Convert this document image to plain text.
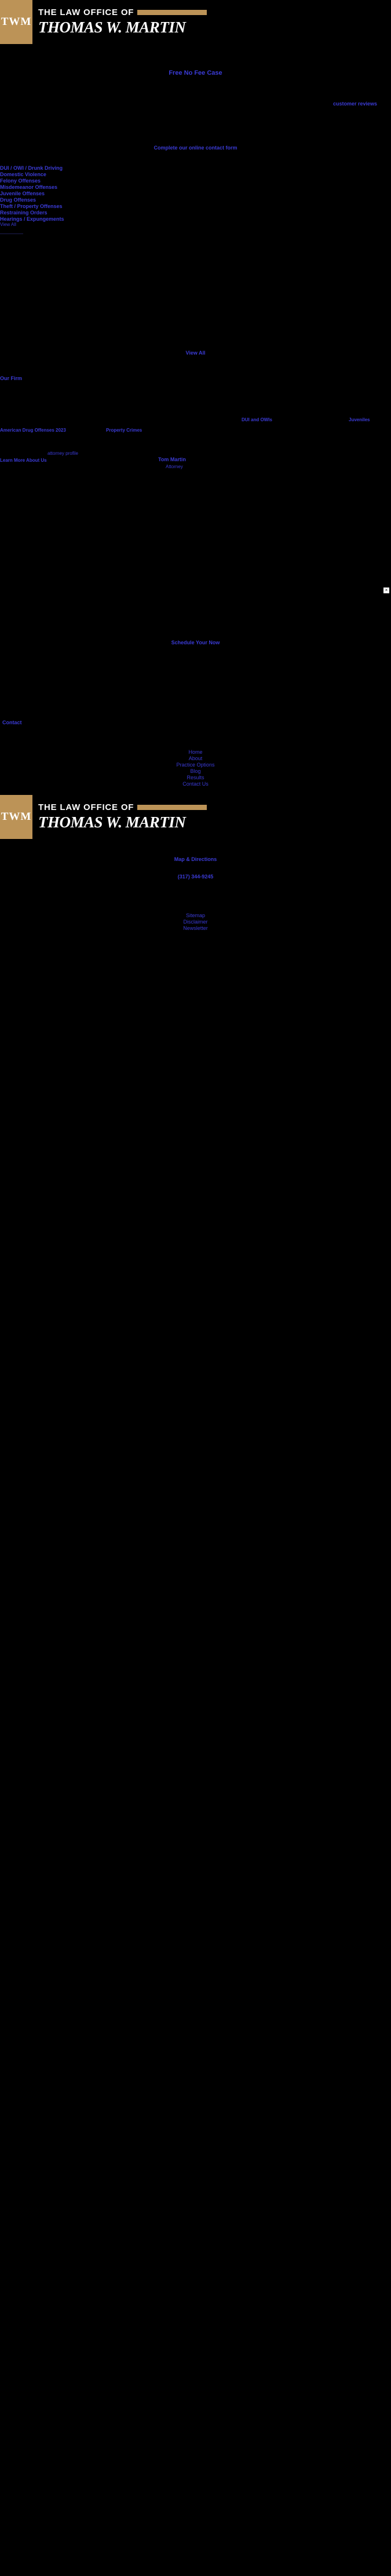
TWM
THE LAW OFFICE OF
THOMAS W. MARTIN
Free No Fee Case
customer reviews
Complete our online contact form
DUI / OWI / Drunk Driving
Domestic Violence
Felony Offenses
Misdemeanor Offenses
Juvenile Offenses
Drug Offenses
Theft / Property Offenses
Restraining Orders
Hearings / Expungements
View All
View All
Our Firm
American Drug Offenses 2023	Property Crimes
DUI and OWIs	Juveniles
attorney profile
Learn More About Us	Tom Martin
Attorney
×
Schedule Your Now
Contact
Home
About
Practice Options
Blog
Results
Contact Us
TWM
THE LAW OFFICE OF
THOMAS W. MARTIN
Map & Directions
(317) 344-9245
Sitemap
Disclaimer
Newsletter
